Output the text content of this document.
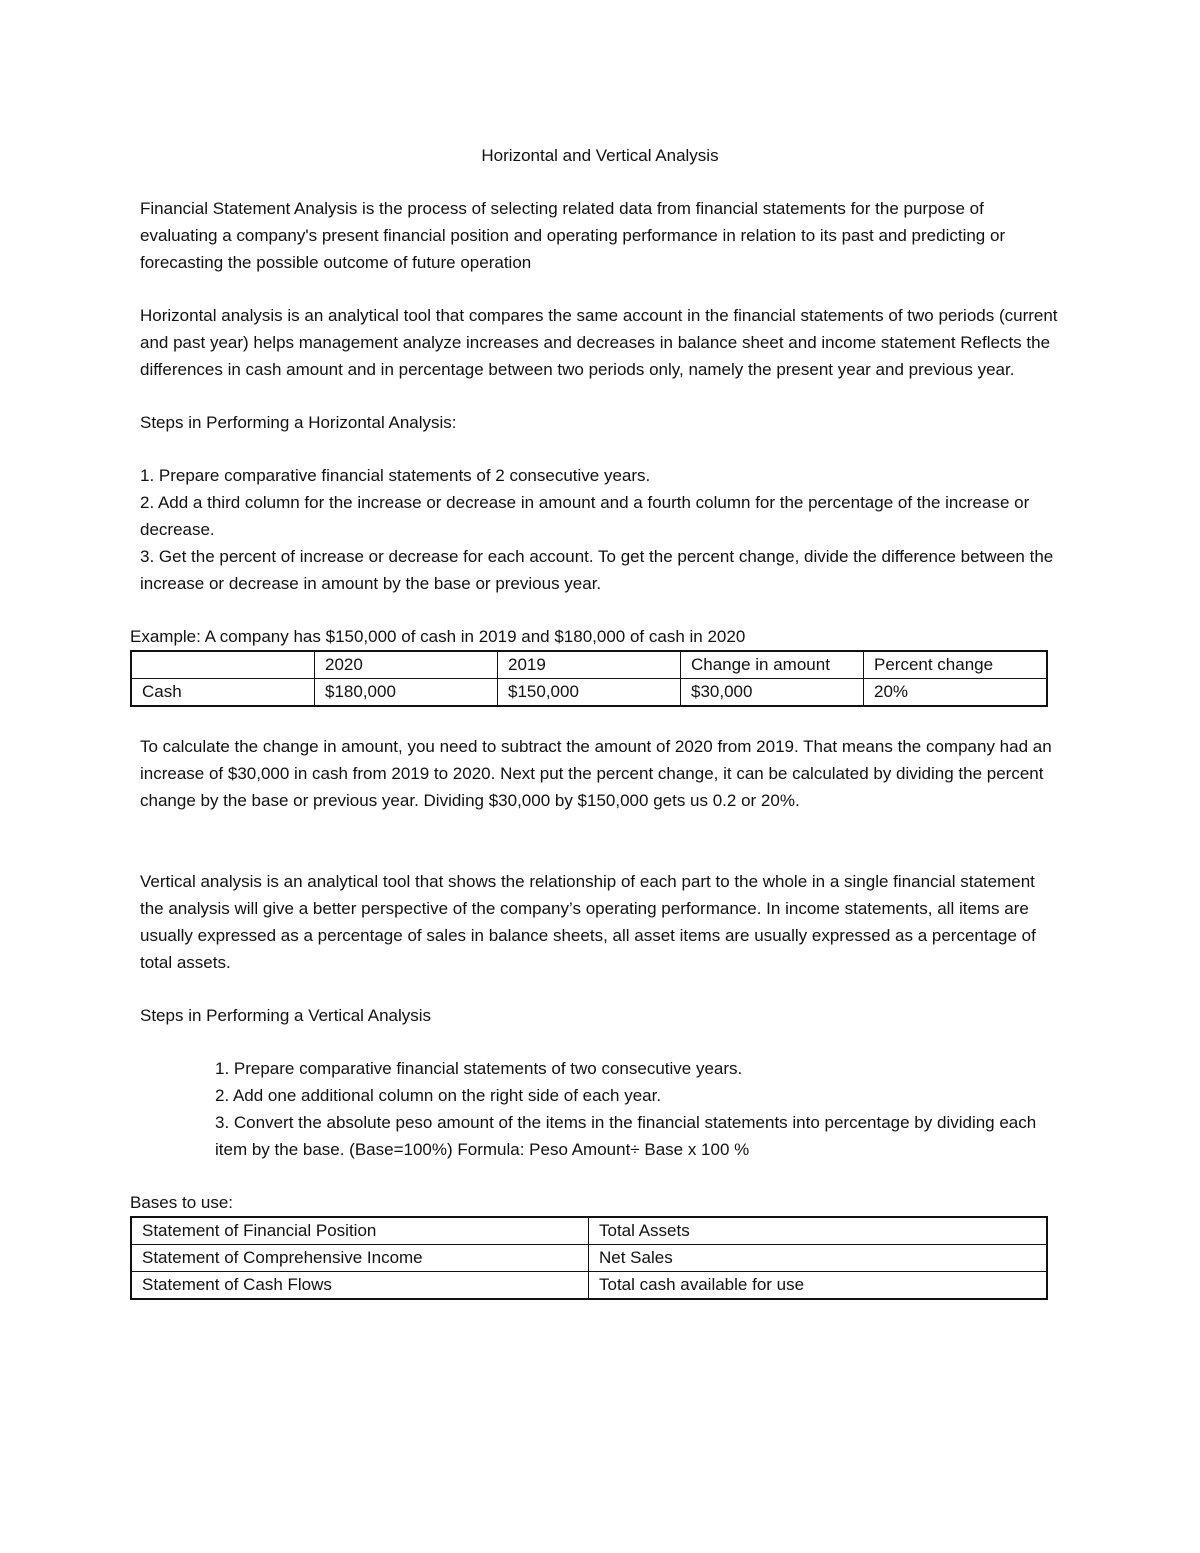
Horizontal and Vertical Analysis

Financial Statement Analysis is the process of selecting related data from financial statements for the purpose of evaluating a company's present financial position and operating performance in relation to its past and predicting or forecasting the possible outcome of future operation

Horizontal analysis is an analytical tool that compares the same account in the financial statements of two periods (current and past year) helps management analyze increases and decreases in balance sheet and income statement Reflects the differences in cash amount and in percentage between two periods only, namely the present year and previous year.

Steps in Performing a Horizontal Analysis:

1. Prepare comparative financial statements of 2 consecutive years.

2. Add a third column for the increase or decrease in amount and a fourth column for the percentage of the increase or decrease.

3. Get the percent of increase or decrease for each account. To get the percent change, divide the difference between the increase or decrease in amount by the base or previous year.

Example: A company has $150,000 of cash in 2019 and $180,000 of cash in 2020

	2020	2019	Change in amount	Percent change
Cash	$180,000	$150,000	$30,000	20%

To calculate the change in amount, you need to subtract the amount of 2020 from 2019. That means the company had an increase of $30,000 in cash from 2019 to 2020. Next put the percent change, it can be calculated by dividing the percent change by the base or previous year. Dividing $30,000 by $150,000 gets us 0.2 or 20%.

Vertical analysis is an analytical tool that shows the relationship of each part to the whole in a single financial statement the analysis will give a better perspective of the company’s operating performance. In income statements, all items are usually expressed as a percentage of sales in balance sheets, all asset items are usually expressed as a percentage of total assets.

Steps in Performing a Vertical Analysis

1. Prepare comparative financial statements of two consecutive years.

2. Add one additional column on the right side of each year.

3. Convert the absolute peso amount of the items in the financial statements into percentage by dividing each item by the base. (Base=100%) Formula: Peso Amount÷ Base x 100 %

Bases to use:

Statement of Financial Position	Total Assets
Statement of Comprehensive Income	Net Sales
Statement of Cash Flows	Total cash available for use
